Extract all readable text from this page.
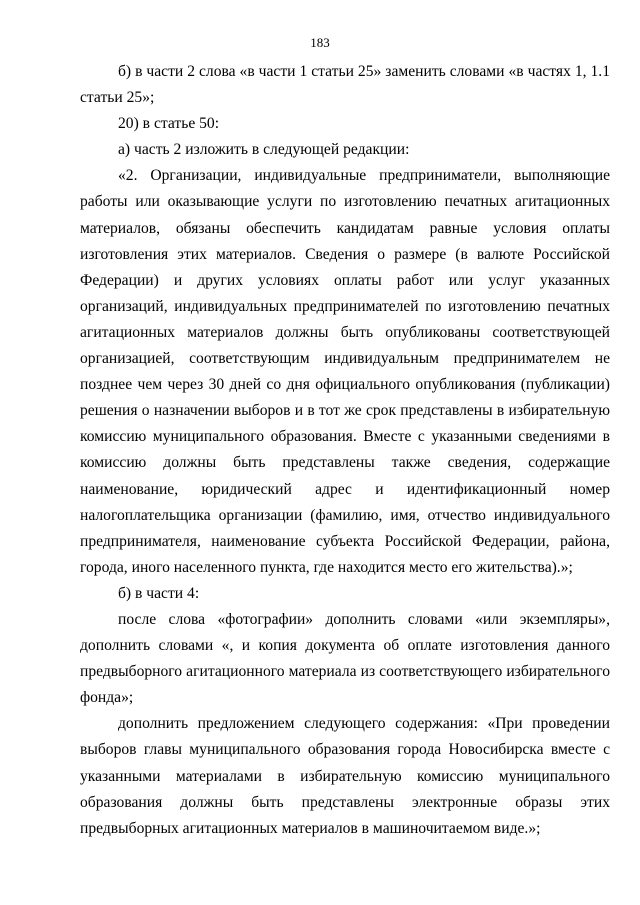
183

б) в части 2 слова «в части 1 статьи 25» заменить словами «в частях 1, 1.1 статьи 25»;

20) в статье 50:

а) часть 2 изложить в следующей редакции:

«2. Организации, индивидуальные предприниматели, выполняющие работы или оказывающие услуги по изготовлению печатных агитационных материалов, обязаны обеспечить кандидатам равные условия оплаты изготовления этих материалов. Сведения о размере (в валюте Российской Федерации) и других условиях оплаты работ или услуг указанных организаций, индивидуальных предпринимателей по изготовлению печатных агитационных материалов должны быть опубликованы соответствующей организацией, соответствующим индивидуальным предпринимателем не позднее чем через 30 дней со дня официального опубликования (публикации) решения о назначении выборов и в тот же срок представлены в избирательную комиссию муниципального образования. Вместе с указанными сведениями в комиссию должны быть представлены также сведения, содержащие наименование, юридический адрес и идентификационный номер налогоплательщика организации (фамилию, имя, отчество индивидуального предпринимателя, наименование субъекта Российской Федерации, района, города, иного населенного пункта, где находится место его жительства).»;

б) в части 4:

после слова «фотографии» дополнить словами «или экземпляры», дополнить словами «, и копия документа об оплате изготовления данного предвыборного агитационного материала из соответствующего избирательного фонда»;

дополнить предложением следующего содержания: «При проведении выборов главы муниципального образования города Новосибирска вместе с указанными материалами в избирательную комиссию муниципального образования должны быть представлены электронные образы этих предвыборных агитационных материалов в машиночитаемом виде.»;
